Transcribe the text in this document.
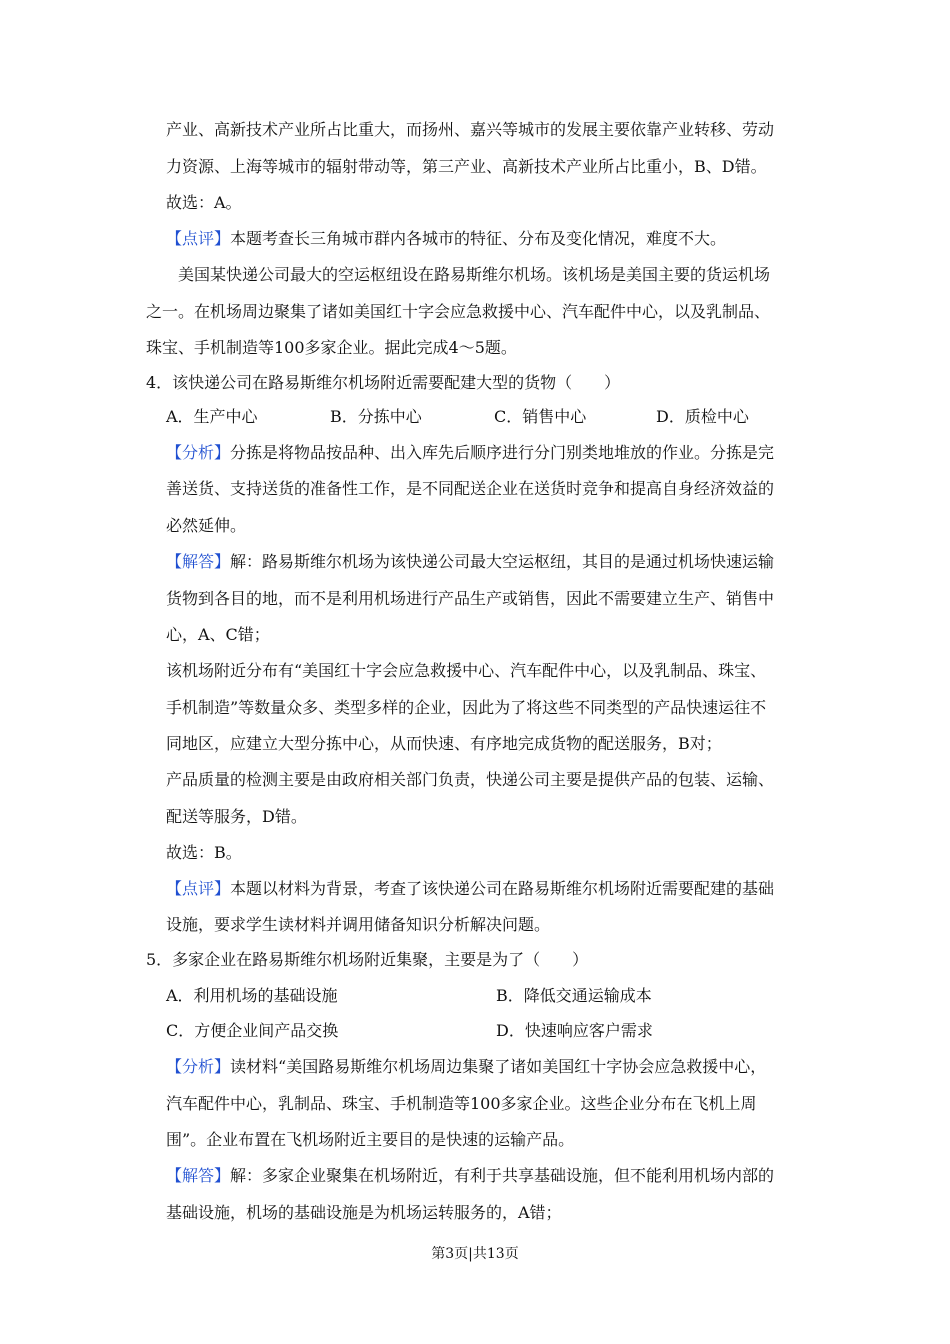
产业、高新技术产业所占比重大，而扬州、嘉兴等城市的发展主要依靠产业转移、劳动
力资源、上海等城市的辐射带动等，第三产业、高新技术产业所占比重小，B、D错。
故选：A。
【点评】本题考查长三角城市群内各城市的特征、分布及变化情况，难度不大。
美国某快递公司最大的空运枢纽设在路易斯维尔机场。该机场是美国主要的货运机场
之一。在机场周边聚集了诸如美国红十字会应急救援中心、汽车配件中心，以及乳制品、
珠宝、手机制造等100多家企业。据此完成4～5题。
4．该快递公司在路易斯维尔机场附近需要配建大型的货物（　　）
A．生产中心	B．分拣中心	C．销售中心	D．质检中心
【分析】分拣是将物品按品种、出入库先后顺序进行分门别类地堆放的作业。分拣是完
善送货、支持送货的准备性工作，是不同配送企业在送货时竞争和提高自身经济效益的
必然延伸。
【解答】解：路易斯维尔机场为该快递公司最大空运枢纽，其目的是通过机场快速运输
货物到各目的地，而不是利用机场进行产品生产或销售，因此不需要建立生产、销售中
心，A、C错；
该机场附近分布有“美国红十字会应急救援中心、汽车配件中心，以及乳制品、珠宝、
手机制造”等数量众多、类型多样的企业，因此为了将这些不同类型的产品快速运往不
同地区，应建立大型分拣中心，从而快速、有序地完成货物的配送服务，B对；
产品质量的检测主要是由政府相关部门负责，快递公司主要是提供产品的包装、运输、
配送等服务，D错。
故选：B。
【点评】本题以材料为背景，考查了该快递公司在路易斯维尔机场附近需要配建的基础
设施，要求学生读材料并调用储备知识分析解决问题。
5．多家企业在路易斯维尔机场附近集聚，主要是为了（　　）
A．利用机场的基础设施	B．降低交通运输成本
C．方便企业间产品交换	D．快速响应客户需求
【分析】读材料“美国路易斯维尔机场周边集聚了诸如美国红十字协会应急救援中心，
汽车配件中心，乳制品、珠宝、手机制造等100多家企业。这些企业分布在飞机上周
围”。企业布置在飞机场附近主要目的是快速的运输产品。
【解答】解：多家企业聚集在机场附近，有利于共享基础设施，但不能利用机场内部的
基础设施，机场的基础设施是为机场运转服务的，A错；
第3页|共13页
